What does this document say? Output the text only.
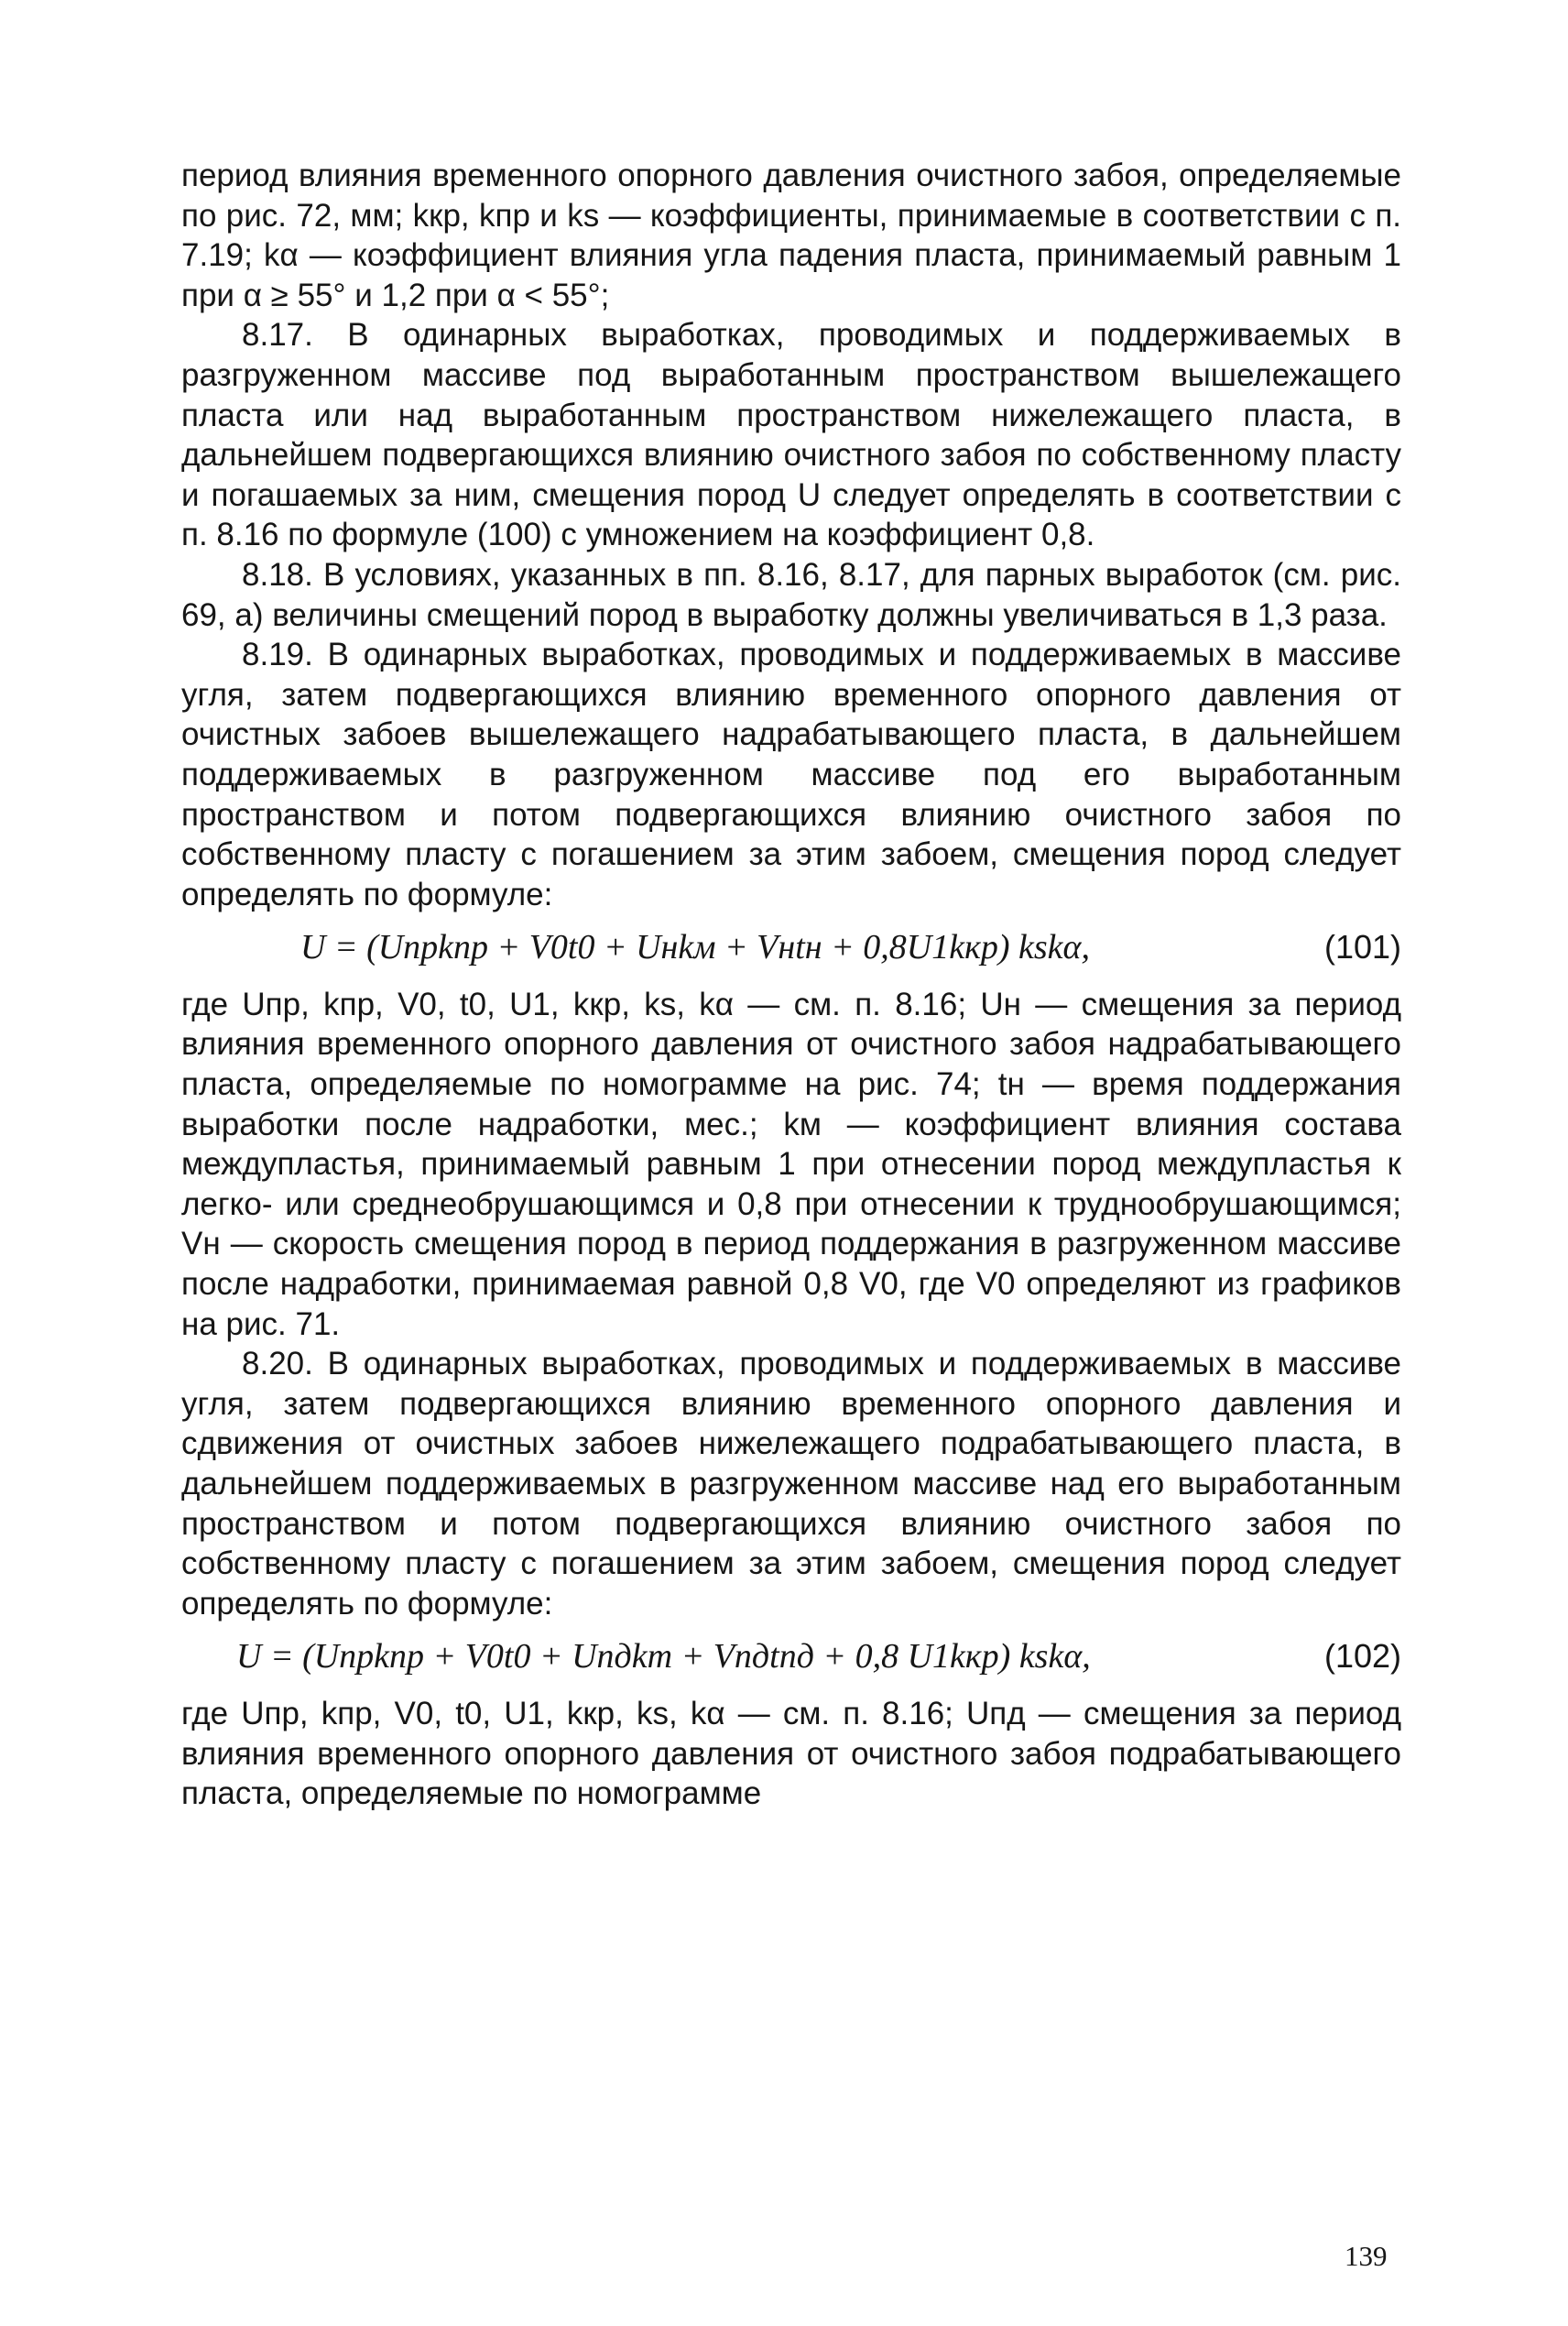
период влияния временного опорного давления очистного забоя, определяемые по рис. 72, мм; kкр, kпр и ks — коэффициенты, принимаемые в соответствии с п. 7.19; kα — коэффициент влияния угла падения пласта, принимаемый равным 1 при α ≥ 55° и 1,2 при α < 55°;

8.17. В одинарных выработках, проводимых и поддерживаемых в разгруженном массиве под выработанным пространством вышележащего пласта или над выработанным пространством нижележащего пласта, в дальнейшем подвергающихся влиянию очистного забоя по собственному пласту и погашаемых за ним, смещения пород U следует определять в соответствии с п. 8.16 по формуле (100) с умножением на коэффициент 0,8.

8.18. В условиях, указанных в пп. 8.16, 8.17, для парных выработок (см. рис. 69, а) величины смещений пород в выработку должны увеличиваться в 1,3 раза.

8.19. В одинарных выработках, проводимых и поддерживаемых в массиве угля, затем подвергающихся влиянию временного опорного давления от очистных забоев вышележащего надрабатывающего пласта, в дальнейшем поддерживаемых в разгруженном массиве под его выработанным пространством и потом подвергающихся влиянию очистного забоя по собственному пласту с погашением за этим забоем, смещения пород следует определять по формуле:

U = (Uпрkпр + V0t0 + Uнkм + Vнtн + 0,8U1kкр) kskα,	(101)

где Uпр, kпр, V0, t0, U1, kкр, ks, kα — см. п. 8.16; Uн — смещения за период влияния временного опорного давления от очистного забоя надрабатывающего пласта, определяемые по номограмме на рис. 74; tн — время поддержания выработки после надработки, мес.; kм — коэффициент влияния состава междупластья, принимаемый равным 1 при отнесении пород междупластья к легко- или среднеобрушающимся и 0,8 при отнесении к труднообрушающимся; Vн — скорость смещения пород в период поддержания в разгруженном массиве после надработки, принимаемая равной 0,8 V0, где V0 определяют из графиков на рис. 71.

8.20. В одинарных выработках, проводимых и поддерживаемых в массиве угля, затем подвергающихся влиянию временного опорного давления и сдвижения от очистных забоев нижележащего подрабатывающего пласта, в дальнейшем поддерживаемых в разгруженном массиве над его выработанным пространством и потом подвергающихся влиянию очистного забоя по собственному пласту с погашением за этим забоем, смещения пород следует определять по формуле:

U = (Uпрkпр + V0t0 + Uпдkm + Vпдtпд + 0,8 U1kкр) kskα,	(102)

где Uпр, kпр, V0, t0, U1, kкр, ks, kα — см. п. 8.16; Uпд — смещения за период влияния временного опорного давления от очистного забоя подрабатывающего пласта, определяемые по номограмме

139
